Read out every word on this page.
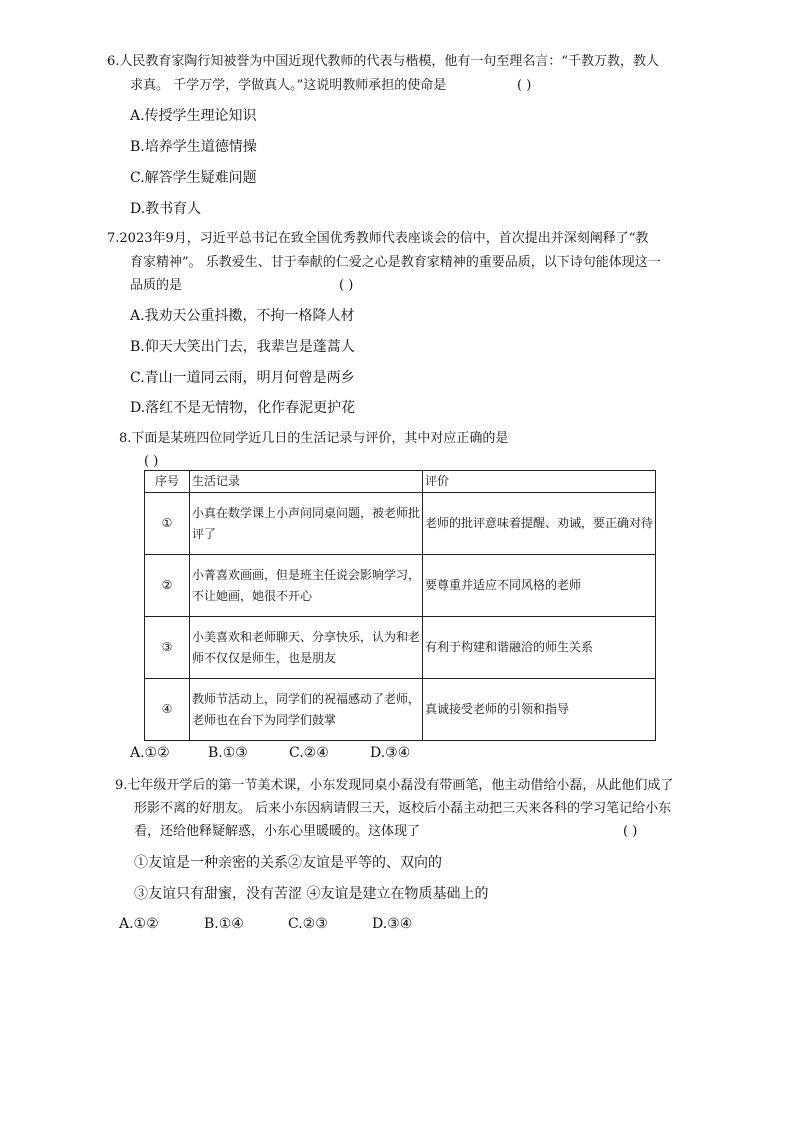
6.人民教育家陶行知被誉为中国近现代教师的代表与楷模，他有一句至理名言：“千教万教，教人
求真。 千学万学，学做真人。”这说明教师承担的使命是	( )
A.传授学生理论知识
B.培养学生道德情操
C.解答学生疑难问题
D.教书育人
7.2023年9月，习近平总书记在致全国优秀教师代表座谈会的信中，首次提出并深刻阐释了“教
育家精神”。 乐教爱生、甘于奉献的仁爱之心是教育家精神的重要品质，以下诗句能体现这一
品质的是	( )
A.我劝天公重抖擞，不拘一格降人材
B.仰天大笑出门去，我辈岂是蓬蒿人
C.青山一道同云雨，明月何曾是两乡
D.落红不是无情物，化作春泥更护花
8.下面是某班四位同学近几日的生活记录与评价，其中对应正确的是
( )
序号	生活记录	评价
①	小真在数学课上小声问同桌问题，被老师批评了	老师的批评意味着提醒、劝诫，要正确对待
②	小菁喜欢画画，但是班主任说会影响学习，不让她画，她很不开心	要尊重并适应不同风格的老师
③	小美喜欢和老师聊天、分享快乐，认为和老师不仅仅是师生，也是朋友	有利于构建和谐融洽的师生关系
④	教师节活动上，同学们的祝福感动了老师，老师也在台下为同学们鼓掌	真诚接受老师的引领和指导
A.①②	B.①③	C.②④	D.③④
9.七年级开学后的第一节美术课，小东发现同桌小磊没有带画笔，他主动借给小磊，从此他们成了
形影不离的好朋友。 后来小东因病请假三天，返校后小磊主动把三天来各科的学习笔记给小东
看，还给他释疑解惑，小东心里暖暖的。这体现了	( )
①友谊是一种亲密的关系②友谊是平等的、双向的
③友谊只有甜蜜，没有苦涩 ④友谊是建立在物质基础上的
A.①②	B.①④	C.②③	D.③④
